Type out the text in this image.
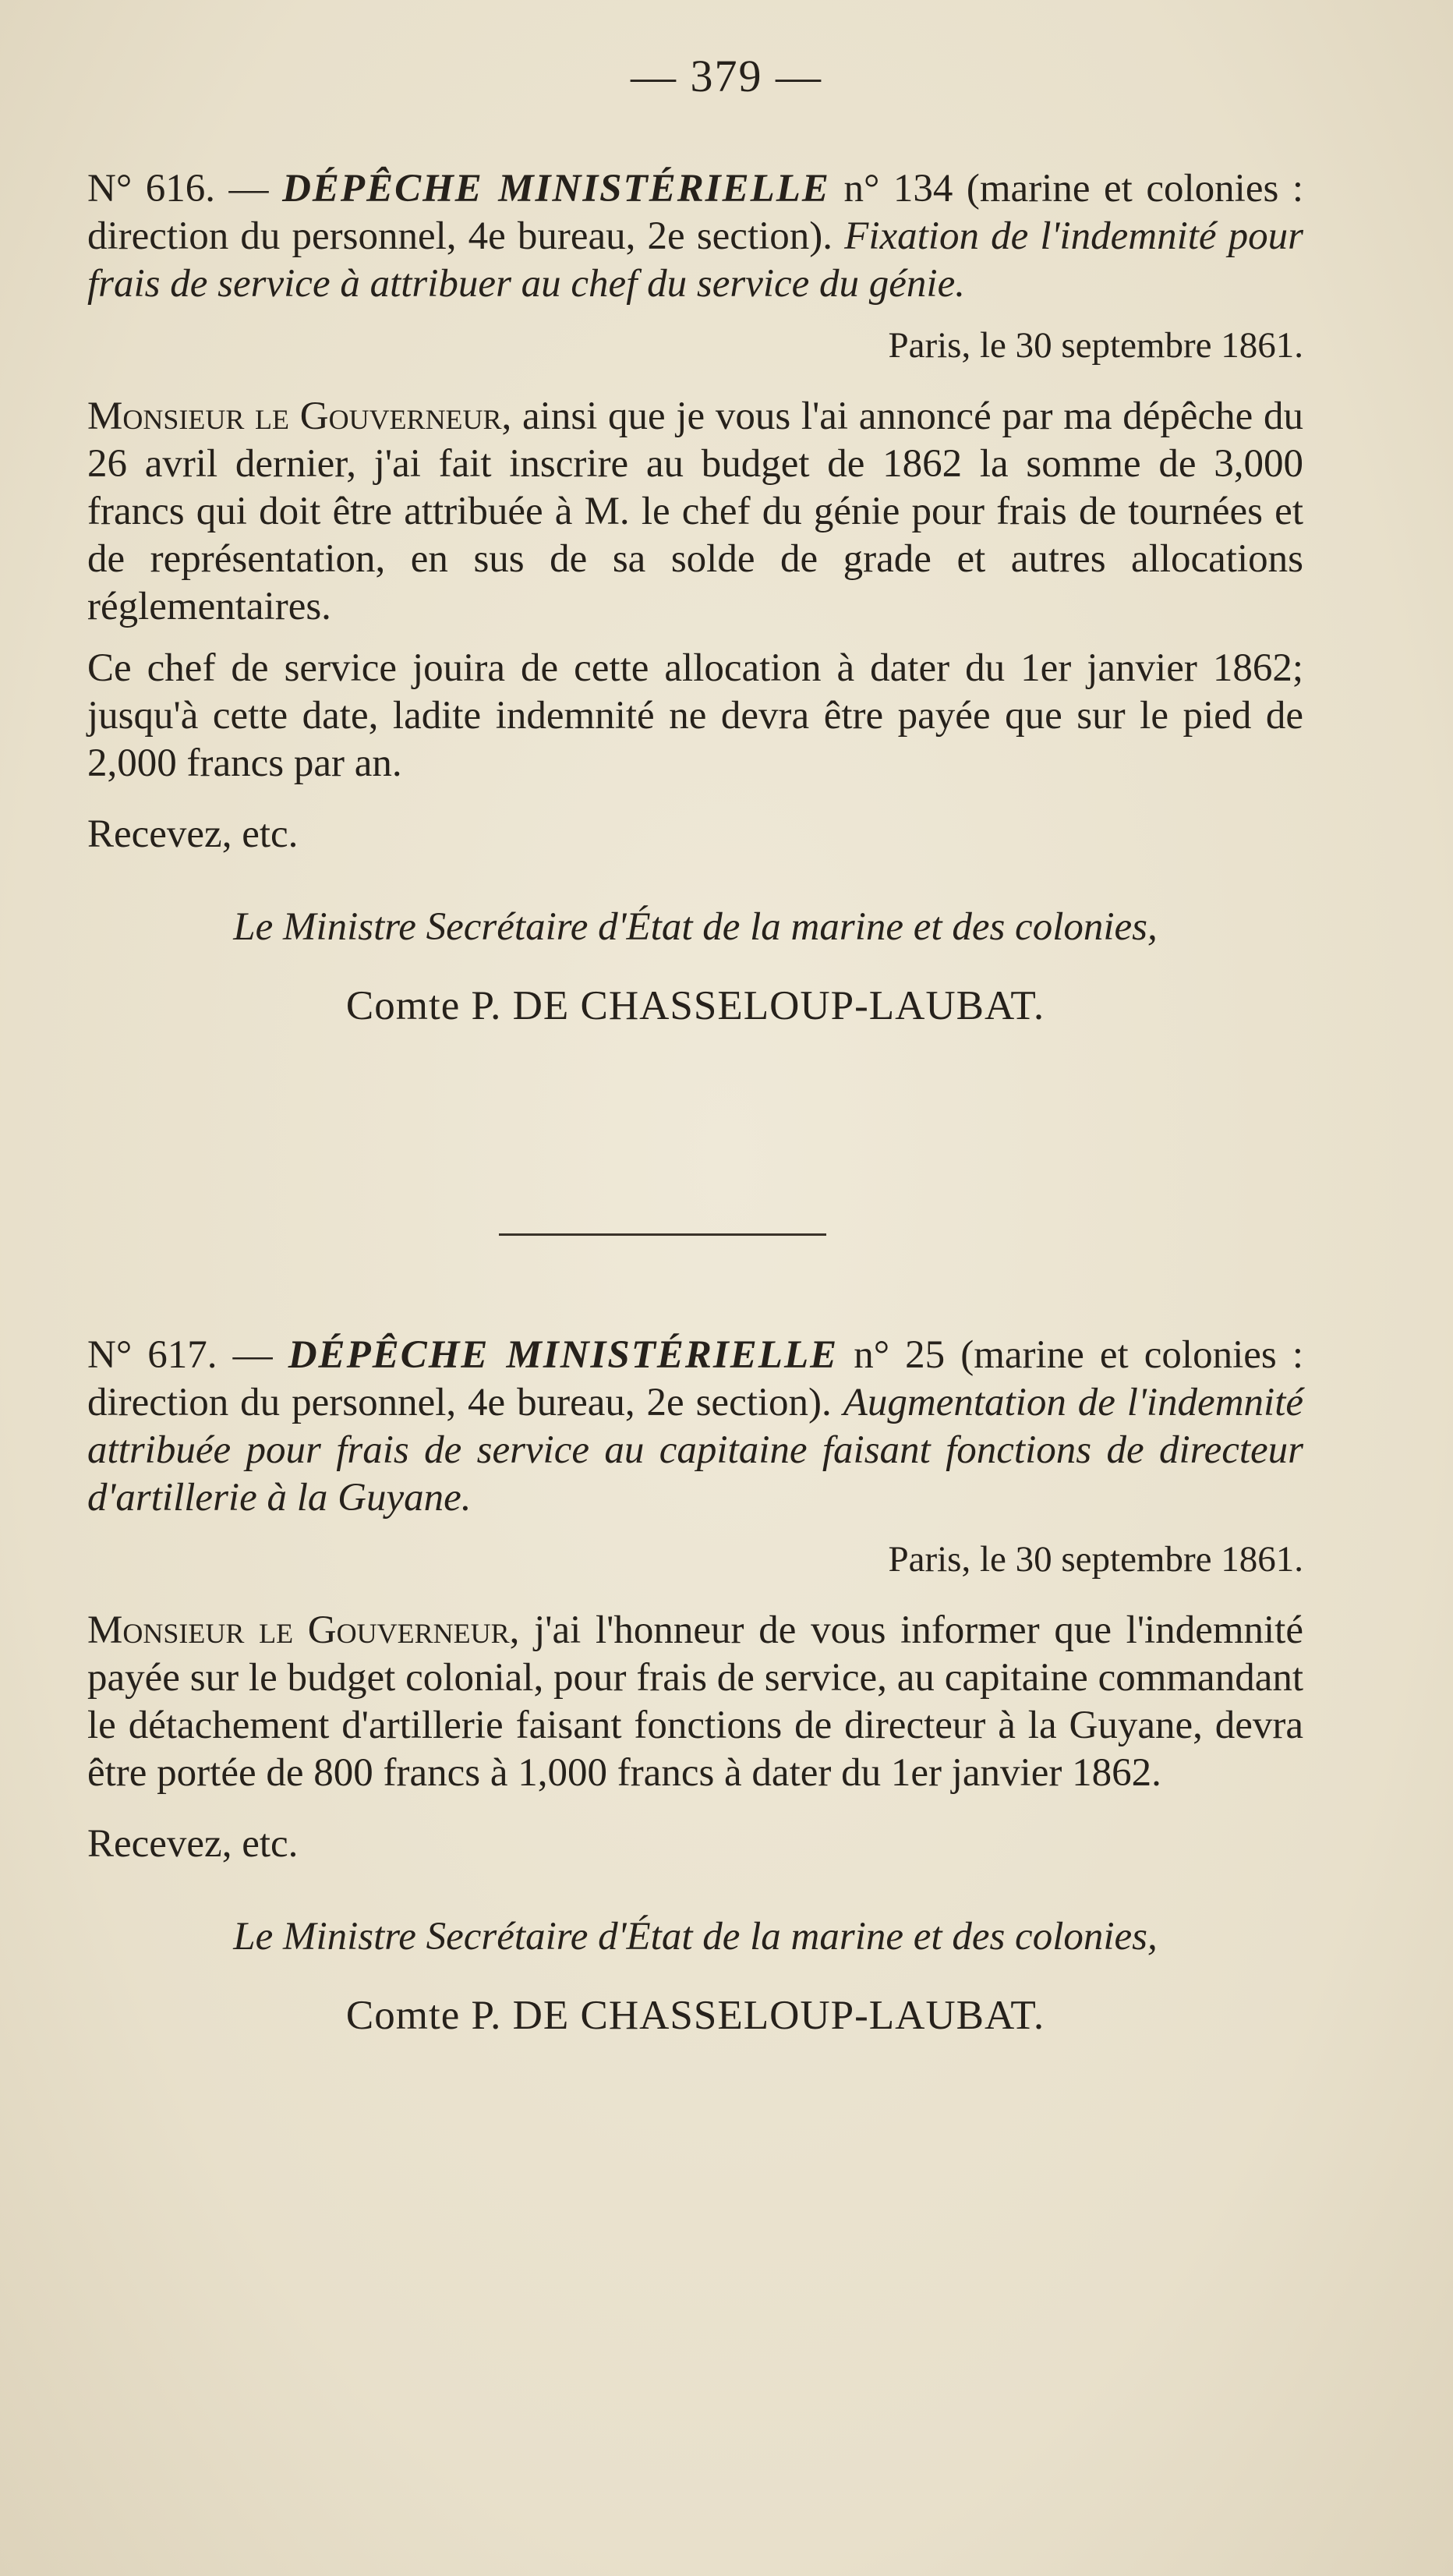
— 379 —

N° 616. — DÉPÊCHE MINISTÉRIELLE n° 134 (marine et colonies : direction du personnel, 4e bureau, 2e section). Fixation de l'indemnité pour frais de service à attribuer au chef du service du génie.

Paris, le 30 septembre 1861.

Monsieur le Gouverneur, ainsi que je vous l'ai annoncé par ma dépêche du 26 avril dernier, j'ai fait inscrire au budget de 1862 la somme de 3,000 francs qui doit être attribuée à M. le chef du génie pour frais de tournées et de représentation, en sus de sa solde de grade et autres allocations réglementaires.

Ce chef de service jouira de cette allocation à dater du 1er janvier 1862; jusqu'à cette date, ladite indemnité ne devra être payée que sur le pied de 2,000 francs par an.

Recevez, etc.

Le Ministre Secrétaire d'État de la marine et des colonies,

Comte P. DE CHASSELOUP-LAUBAT.

N° 617. — DÉPÊCHE MINISTÉRIELLE n° 25 (marine et colonies : direction du personnel, 4e bureau, 2e section). Augmentation de l'indemnité attribuée pour frais de service au capitaine faisant fonctions de directeur d'artillerie à la Guyane.

Paris, le 30 septembre 1861.

Monsieur le Gouverneur, j'ai l'honneur de vous informer que l'indemnité payée sur le budget colonial, pour frais de service, au capitaine commandant le détachement d'artillerie faisant fonctions de directeur à la Guyane, devra être portée de 800 francs à 1,000 francs à dater du 1er janvier 1862.

Recevez, etc.

Le Ministre Secrétaire d'État de la marine et des colonies,

Comte P. DE CHASSELOUP-LAUBAT.
